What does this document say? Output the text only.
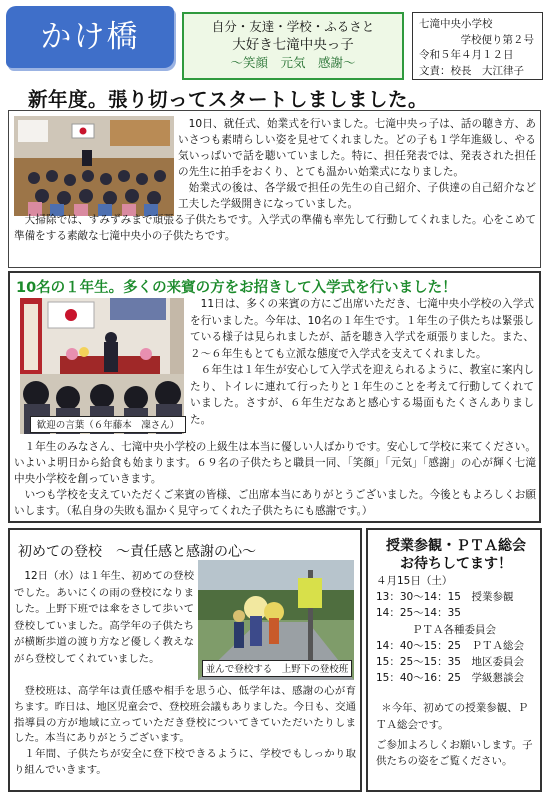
かけ橋	自分・友達・学校・ふるさと
大好き七滝中央っ子
～笑顔　元気　感謝～
七滝中央小学校
学校便り第２号
令和５年４月１２日
文責：校長　大江律子
新年度。張り切ってスタートしましました。

10日、就任式、始業式を行いました。七滝中央っ子は、話の聴き方、あいさつも素晴らしい姿を見せてくれました。どの子も１学年進級し、やる気いっぱいで話を聴いていました。特に、担任発表では、発表された担任の先生に拍手をおくり、とても温かい始業式になりました。

始業式の後は、各学級で担任の先生の自己紹介、子供達の自己紹介など工夫した学級開きになっていました。

大掃除では、すみずみまで頑張る子供たちです。入学式の準備も率先して行動してくれました。心をこめて準備をする素敵な七滝中央小の子供たちです。

10名の１年生。多くの来賓の方をお招きして入学式を行いました！
歓迎の言葉（６年藤本　凜さん）

11日は、多くの来賓の方にご出席いただき、七滝中央小学校の入学式を行いました。今年は、10名の１年生です。１年生の子供たちは緊張している様子は見られましたが、話を聴き入学式を頑張りました。また、２～６年生もとても立派な態度で入学式を支えてくれました。

６年生は１年生が安心して入学式を迎えられるように、教室に案内したり、トイレに連れて行ったりと１年生のことを考えて行動してくれていました。さすが、６年生だなあと感心する場面もたくさんありました。

１年生のみなさん、七滝中央小学校の上級生は本当に優しい人ばかりです。安心して学校に来てください。いよいよ明日から給食も始まります。６９名の子供たちと職員一同、「笑顔」「元気」「感謝」の心が輝く七滝中央小学校を創っていきます。

いつも学校を支えていただくご来賓の皆様、ご出席本当にありがとうございました。今後ともよろしくお願いします。（私自身の失敗も温かく見守ってくれた子供たちにも感謝です。）

初めての登校　～責任感と感謝の心～

12日（水）は１年生、初めての登校でした。あいにくの雨の登校になりました。上野下班では傘をさして歩いて登校していました。高学年の子供たちが横断歩道の渡り方など優しく教えながら登校してくれていました。

並んで登校する　上野下の登校班

登校班は、高学年は責任感や相手を思う心、低学年は、感謝の心が育ちます。昨日は、地区児童会で、登校班会議もありました。今日も、交通指導員の方が地域に立っていただき登校についてきていただいたりしました。本当にありがとうございます。

１年間、子供たちが安全に登下校できるように、学校でもしっかり取り組んでいきます。

授業参観・ＰＴＡ総会
お待ちしてます！
４月15日（土）
13：30～14：15　授業参観
14：25～14：35
ＰＴＡ各種委員会
14：40～15：25　ＰＴＡ総会
15：25～15：35　地区委員会
15：40～16：25　学級懇談会
＊今年、初めての授業参観、ＰＴＡ総会です。
ご参加よろしくお願いします。子供たちの姿をご覧ください。
